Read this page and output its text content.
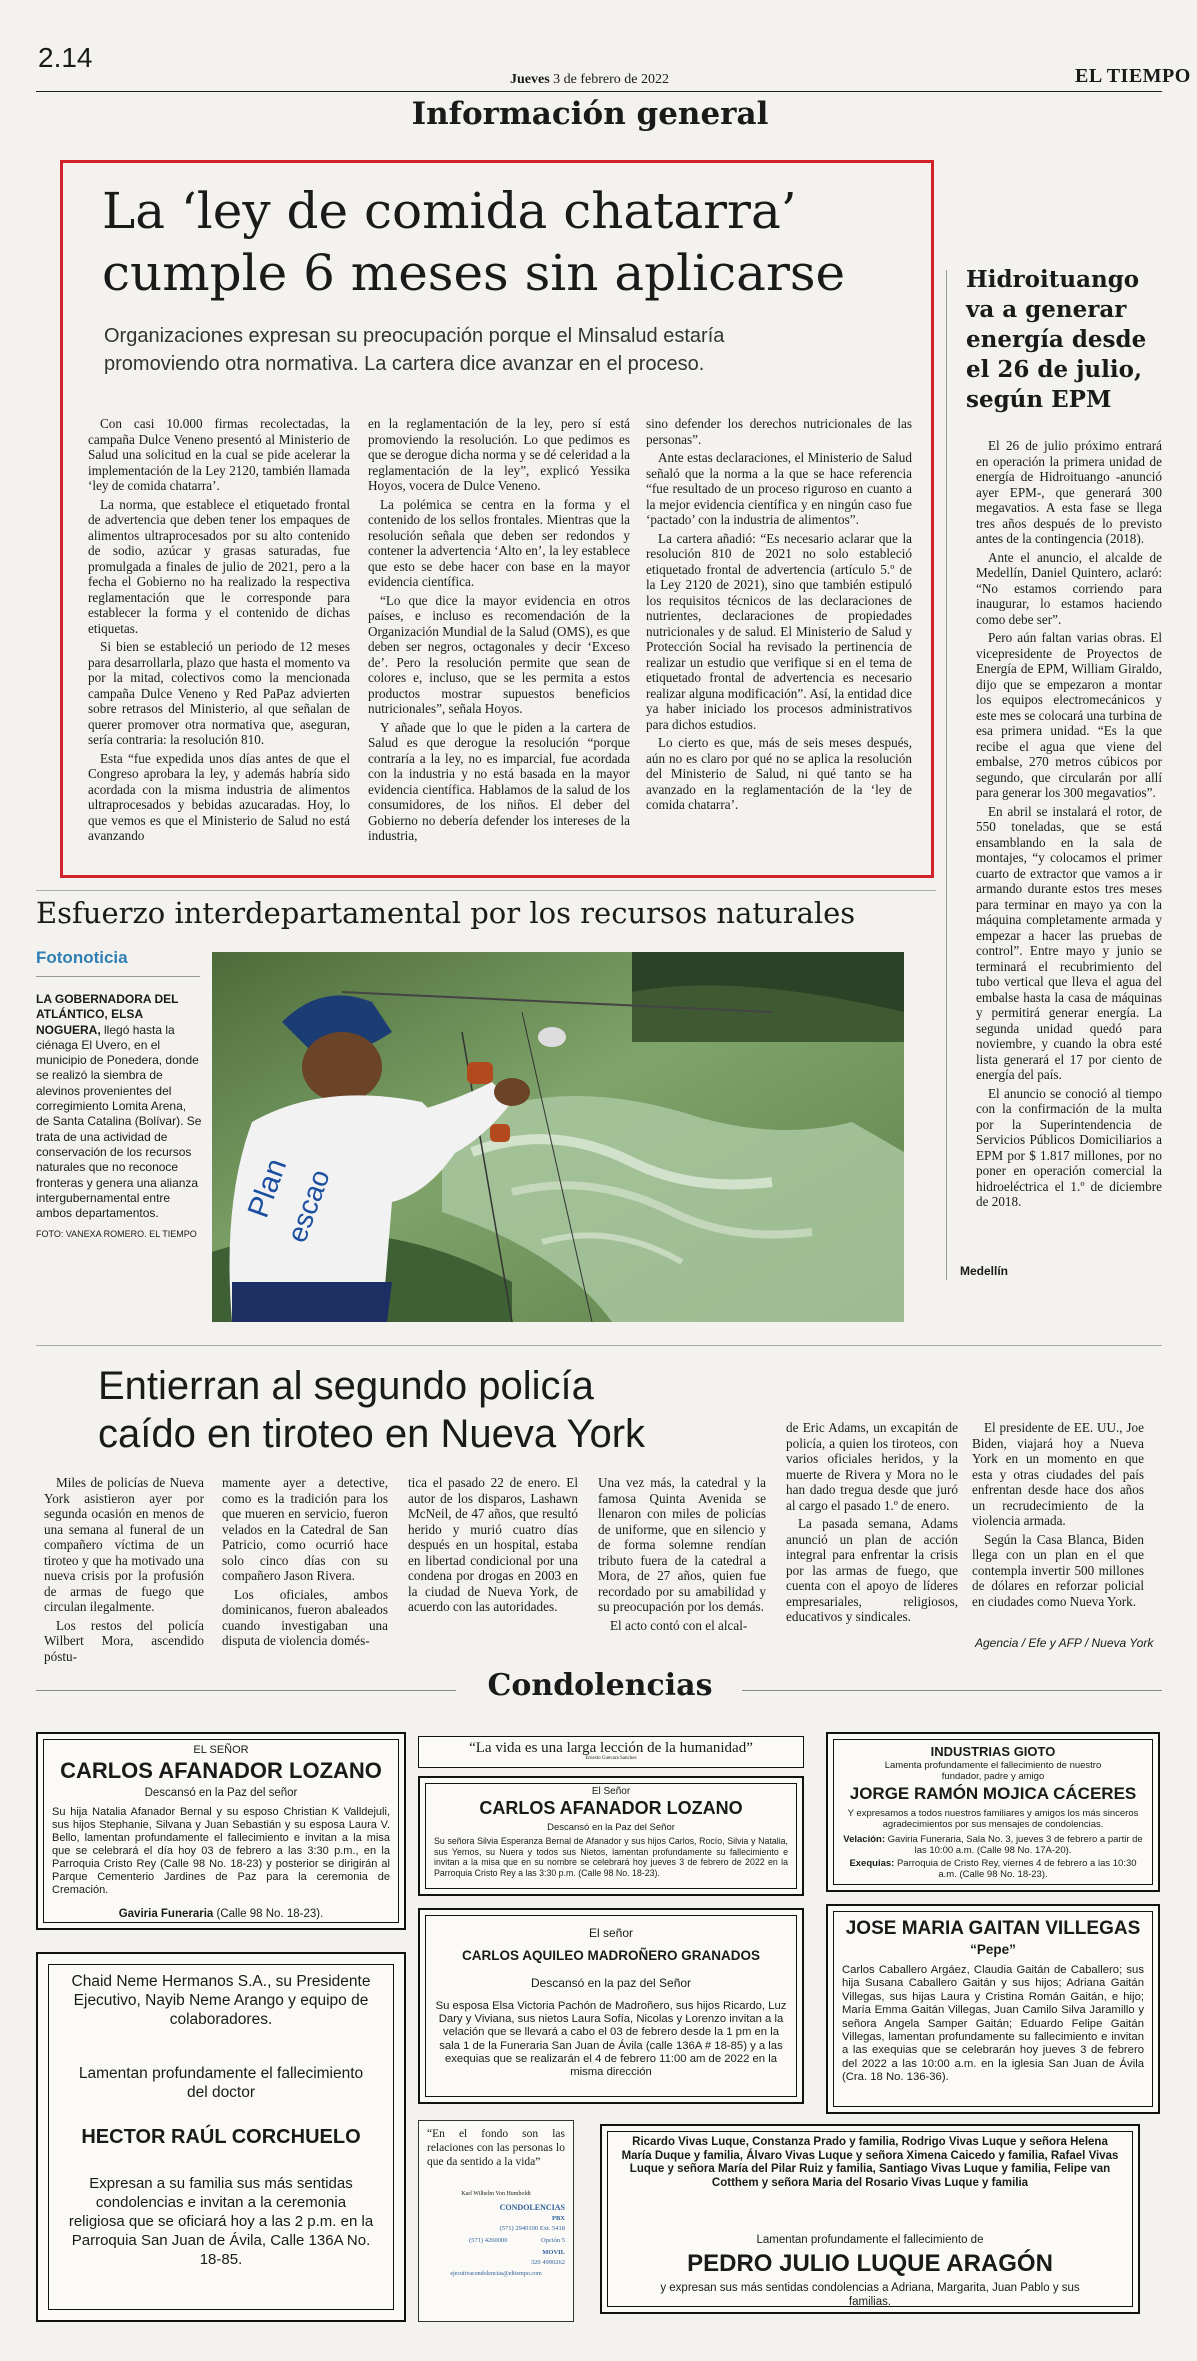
2.14
Jueves 3 de febrero de 2022	EL TIEMPO
Información general
La ‘ley de comida chatarra’
cumple 6 meses sin aplicarse
Organizaciones expresan su preocupación porque el Minsalud estaría promoviendo otra normativa. La cartera dice avanzar en el proceso.

Con casi 10.000 firmas recolectadas, la campaña Dulce Veneno presentó al Ministerio de Salud una solicitud en la cual se pide acelerar la implementación de la Ley 2120, también llamada ‘ley de comida chatarra’.

La norma, que establece el etiquetado frontal de advertencia que deben tener los empaques de alimentos ultraprocesados por su alto contenido de sodio, azúcar y grasas saturadas, fue promulgada a finales de julio de 2021, pero a la fecha el Gobierno no ha realizado la respectiva reglamentación que le corresponde para establecer la forma y el contenido de dichas etiquetas.

Si bien se estableció un periodo de 12 meses para desarrollarla, plazo que hasta el momento va por la mitad, colectivos como la mencionada campaña Dulce Veneno y Red PaPaz advierten sobre retrasos del Ministerio, al que señalan de querer promover otra normativa que, aseguran, sería contraria: la resolución 810.

Esta “fue expedida unos días antes de que el Congreso aprobara la ley, y además habría sido acordada con la misma industria de alimentos ultraprocesados y bebidas azucaradas. Hoy, lo que vemos es que el Ministerio de Salud no está avanzando

en la reglamentación de la ley, pero sí está promoviendo la resolución. Lo que pedimos es que se derogue dicha norma y se dé celeridad a la reglamentación de la ley”, explicó Yessika Hoyos, vocera de Dulce Veneno.

La polémica se centra en la forma y el contenido de los sellos frontales. Mientras que la resolución señala que deben ser redondos y contener la advertencia ‘Alto en’, la ley establece que esto se debe hacer con base en la mayor evidencia científica.

“Lo que dice la mayor evidencia en otros países, e incluso es recomendación de la Organización Mundial de la Salud (OMS), es que deben ser negros, octagonales y decir ‘Exceso de’. Pero la resolución permite que sean de colores e, incluso, que se les permita a estos productos mostrar supuestos beneficios nutricionales”, señala Hoyos.

Y añade que lo que le piden a la cartera de Salud es que derogue la resolución “porque contraría a la ley, no es imparcial, fue acordada con la industria y no está basada en la mayor evidencia científica. Hablamos de la salud de los consumidores, de los niños. El deber del Gobierno no debería defender los intereses de la industria,

sino defender los derechos nutricionales de las personas”.

Ante estas declaraciones, el Ministerio de Salud señaló que la norma a la que se hace referencia “fue resultado de un proceso riguroso en cuanto a la mejor evidencia científica y en ningún caso fue ‘pactado’ con la industria de alimentos”.

La cartera añadió: “Es necesario aclarar que la resolución 810 de 2021 no solo estableció etiquetado frontal de advertencia (artículo 5.º de la Ley 2120 de 2021), sino que también estipuló los requisitos técnicos de las declaraciones de nutrientes, declaraciones de propiedades nutricionales y de salud. El Ministerio de Salud y Protección Social ha revisado la pertinencia de realizar un estudio que verifique si en el tema de etiquetado frontal de advertencia es necesario realizar alguna modificación”. Así, la entidad dice ya haber iniciado los procesos administrativos para dichos estudios.

Lo cierto es que, más de seis meses después, aún no es claro por qué no se aplica la resolución del Ministerio de Salud, ni qué tanto se ha avanzado en la reglamentación de la ‘ley de comida chatarra’.

Hidroituango va a generar energía desde el 26 de julio, según EPM

El 26 de julio próximo entrará en operación la primera unidad de energía de Hidroituango -anunció ayer EPM-, que generará 300 megavatios. A esta fase se llega tres años después de lo previsto antes de la contingencia (2018).

Ante el anuncio, el alcalde de Medellín, Daniel Quintero, aclaró: “No estamos corriendo para inaugurar, lo estamos haciendo como debe ser”.

Pero aún faltan varias obras. El vicepresidente de Proyectos de Energía de EPM, William Giraldo, dijo que se empezaron a montar los equipos electromecánicos y este mes se colocará una turbina de esa primera unidad. “Es la que recibe el agua que viene del embalse, 270 metros cúbicos por segundo, que circularán por allí para generar los 300 megavatios”.

En abril se instalará el rotor, de 550 toneladas, que se está ensamblando en la sala de montajes, “y colocamos el primer cuarto de extractor que vamos a ir armando durante estos tres meses para terminar en mayo ya con la máquina completamente armada y empezar a hacer las pruebas de control”. Entre mayo y junio se terminará el recubrimiento del tubo vertical que lleva el agua del embalse hasta la casa de máquinas y permitirá generar energía. La segunda unidad quedó para noviembre, y cuando la obra esté lista generará el 17 por ciento de energía del país.

El anuncio se conoció al tiempo con la confirmación de la multa por la Superintendencia de Servicios Públicos Domiciliarios a EPM por $ 1.817 millones, por no poner en operación comercial la hidroeléctrica el 1.º de diciembre de 2018.

Medellín
Esfuerzo interdepartamental por los recursos naturales
Fotonoticia
LA GOBERNADORA DEL ATLÁNTICO, ELSA NOGUERA, llegó hasta la ciénaga El Uvero, en el municipio de Ponedera, donde se realizó la siembra de alevinos provenientes del corregimiento Lomita Arena, de Santa Catalina (Bolívar). Se trata de una actividad de conservación de los recursos naturales que no reconoce fronteras y genera una alianza intergubernamental entre ambos departamentos.
FOTO: VANEXA ROMERO. EL TIEMPO
Plan
escao
Entierran al segundo policía
caído en tiroteo en Nueva York

Miles de policías de Nueva York asistieron ayer por segunda ocasión en menos de una semana al funeral de un compañero víctima de un tiroteo y que ha motivado una nueva crisis por la profusión de armas de fuego que circulan ilegalmente.

Los restos del policía Wilbert Mora, ascendido póstu-

mamente ayer a detective, como es la tradición para los que mueren en servicio, fueron velados en la Catedral de San Patricio, como ocurrió hace solo cinco días con su compañero Jason Rivera.

Los oficiales, ambos dominicanos, fueron abaleados cuando investigaban una disputa de violencia domés-

tica el pasado 22 de enero. El autor de los disparos, Lashawn McNeil, de 47 años, que resultó herido y murió cuatro días después en un hospital, estaba en libertad condicional por una condena por drogas en 2003 en la ciudad de Nueva York, de acuerdo con las autoridades.

Una vez más, la catedral y la famosa Quinta Avenida se llenaron con miles de policías de uniforme, que en silencio y de forma solemne rendían tributo fuera de la catedral a Mora, de 27 años, quien fue recordado por su amabilidad y su preocupación por los demás.

El acto contó con el alcal-

de Eric Adams, un excapitán de policía, a quien los tiroteos, con varios oficiales heridos, y la muerte de Rivera y Mora no le han dado tregua desde que juró al cargo el pasado 1.º de enero.

La pasada semana, Adams anunció un plan de acción integral para enfrentar la crisis por las armas de fuego, que cuenta con el apoyo de líderes empresariales, religiosos, educativos y sindicales.

El presidente de EE. UU., Joe Biden, viajará hoy a Nueva York en un momento en que esta y otras ciudades del país enfrentan desde hace dos años un recrudecimiento de la violencia armada.

Según la Casa Blanca, Biden llega con un plan en el que contempla invertir 500 millones de dólares en reforzar policial en ciudades como Nueva York.

Agencia / Efe y AFP / Nueva York
Condolencias
EL SEÑOR
CARLOS AFANADOR LOZANO
Descansó en la Paz del señor
Su hija Natalia Afanador Bernal y su esposo Christian K Valldejuli, sus hijos Stephanie, Silvana y Juan Sebastián y su esposa Laura V. Bello, lamentan profundamente el fallecimiento e invitan a la misa que se celebrará el día hoy 03 de febrero a las 3:30 p.m., en la Parroquia Cristo Rey (Calle 98 No. 18-23) y posterior se dirigirán al Parque Cementerio Jardines de Paz para la ceremonia de Cremación.
Gaviria Funeraria (Calle 98 No. 18-23).
Chaid Neme Hermanos S.A., su Presidente Ejecutivo, Nayib Neme Arango y equipo de colaboradores.
Lamentan profundamente el fallecimiento del doctor
HECTOR RAÚL CORCHUELO
Expresan a su familia sus más sentidas condolencias e invitan a la ceremonia religiosa que se oficiará hoy a las 2 p.m. en la Parroquia San Juan de Ávila, Calle 136A No. 18-85.
“La vida es una larga lección de la humanidad”
Ernesto Guevara Sanchez
El Señor
CARLOS AFANADOR LOZANO
Descansó en la Paz del Señor
Su señora Silvia Esperanza Bernal de Afanador y sus hijos Carlos, Rocío, Silvia y Natalia, sus Yernos, su Nuera y todos sus Nietos, lamentan profundamente su fallecimiento e invitan a la misa que en su nombre se celebrará hoy jueves 3 de febrero de 2022 en la Parroquia Cristo Rey a las 3:30 p.m. (Calle 98 No. 18-23).
El señor
CARLOS AQUILEO MADROÑERO GRANADOS
Descansó en la paz del Señor
Su esposa Elsa Victoria Pachón de Madroñero, sus hijos Ricardo, Luz Dary y Viviana, sus nietos Laura Sofía, Nicolas y Lorenzo invitan a la velación que se llevará a cabo el 03 de febrero desde la 1 pm en la sala 1 de la Funeraria San Juan de Ávila (calle 136A # 18-85) y a las exequias que se realizarán el 4 de febrero 11:00 am de 2022 en la misma dirección
“En el fondo son las relaciones con las personas lo que da sentido a la vida”
Karl Wilhelm Von Humboldt
CONDOLENCIAS
PBX
(571) 2940100 Ext. 5418
Opción 5
(571) 4260000
MOVIL
320 4990262
ejecutivacondolencias@eltiempo.com
INDUSTRIAS GIOTO
Lamenta profundamente el fallecimiento de nuestro fundador, padre y amigo
JORGE RAMÓN MOJICA CÁCERES
Y expresamos a todos nuestros familiares y amigos los más sinceros agradecimientos por sus mensajes de condolencias.
Velación: Gaviria Funeraria, Sala No. 3, jueves 3 de febrero a partir de las 10:00 a.m. (Calle 98 No. 17A-20).
Exequias: Parroquia de Cristo Rey, viernes 4 de febrero a las 10:30 a.m. (Calle 98 No. 18-23).
JOSE MARIA GAITAN VILLEGAS
“Pepe”
Carlos Caballero Argáez, Claudia Gaitán de Caballero; sus hija Susana Caballero Gaitán y sus hijos; Adriana Gaitán Villegas, sus hijas Laura y Cristina Román Gaitán, e hijo; María Emma Gaitán Villegas, Juan Camilo Silva Jaramillo y señora Angela Samper Gaitán; Eduardo Felipe Gaitán Villegas, lamentan profundamente su fallecimiento e invitan a las exequias que se celebrarán hoy jueves 3 de febrero del 2022 a las 10:00 a.m. en la iglesia San Juan de Ávila (Cra. 18 No. 136-36).
Ricardo Vivas Luque, Constanza Prado y familia, Rodrigo Vivas Luque y señora Helena María Duque y familia, Álvaro Vivas Luque y señora Ximena Caicedo y familia, Rafael Vivas Luque y señora María del Pilar Ruiz y familia, Santiago Vivas Luque y familia, Felipe van Cotthem y señora Maria del Rosario Vivas Luque y familia
Lamentan profundamente el fallecimiento de
PEDRO JULIO LUQUE ARAGÓN
y expresan sus más sentidas condolencias a Adriana, Margarita, Juan Pablo y sus familias.
